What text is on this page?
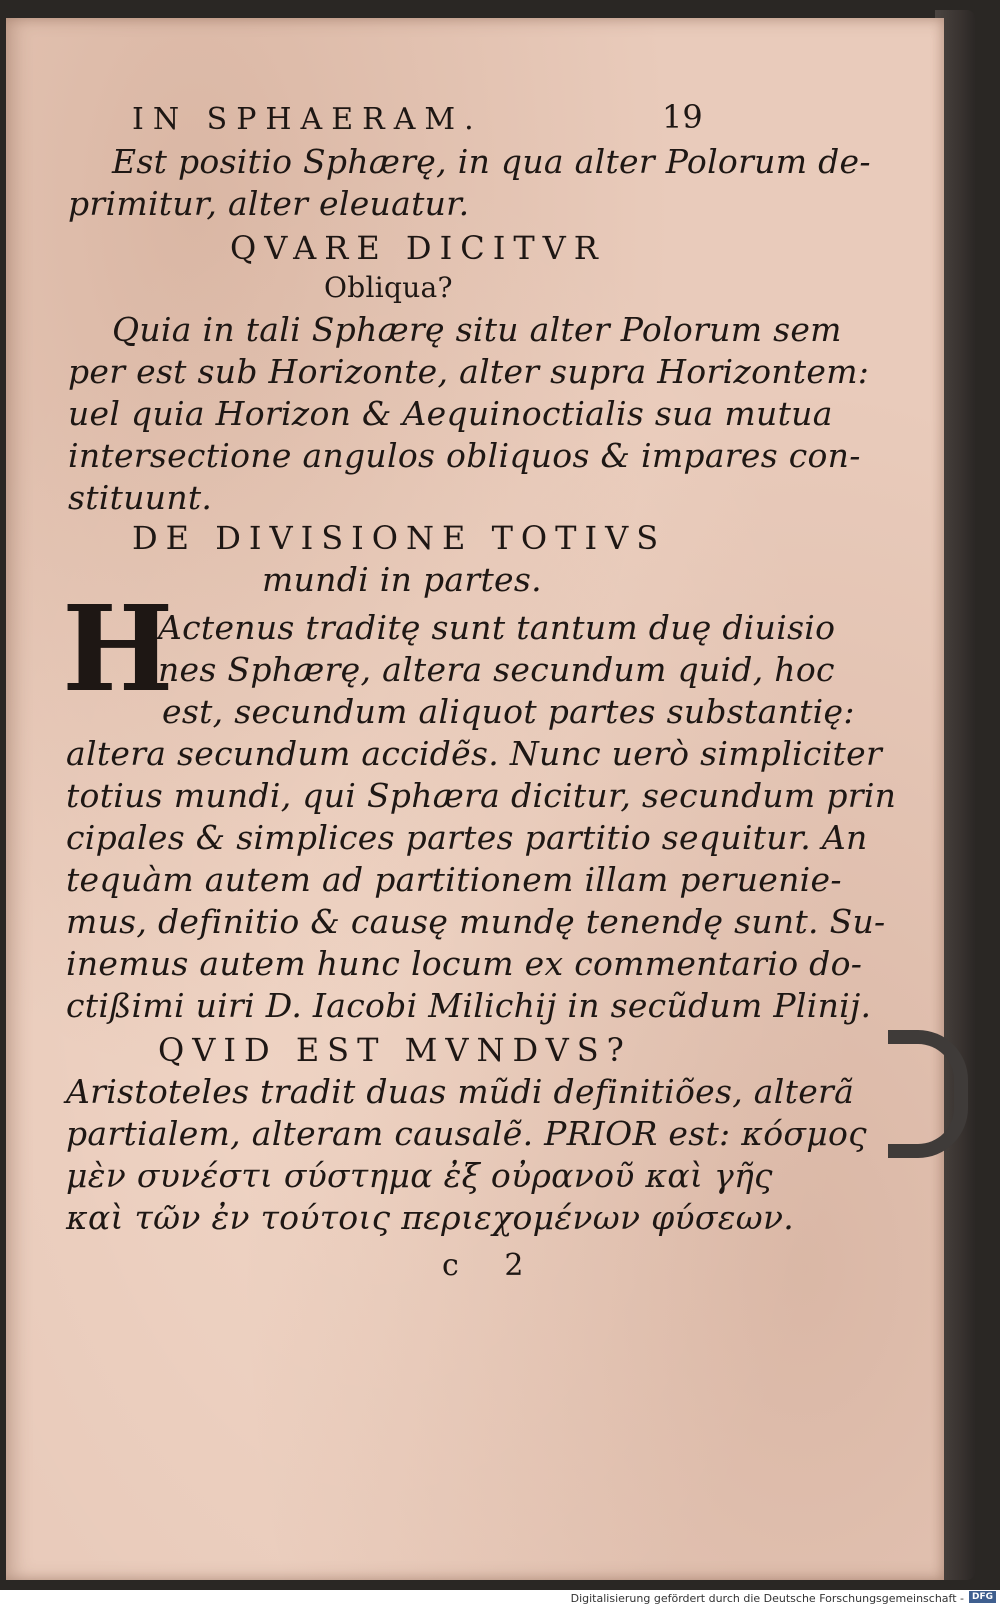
IN SPHAERAM.	19
H
Est positio Sphærę, in qua alter Polorum de-
primitur, alter eleuatur.
QVARE DICITVR
Obliqua?
Quia in tali Sphærę situ alter Polorum sem
per est sub Horizonte, alter supra Horizontem:
uel quia Horizon & Aequinoctialis sua mutua
intersectione angulos obliquos & impares con-
stituunt.
DE DIVISIONE TOTIVS
mundi in partes.
Actenus traditę sunt tantum duę diuisio
nes Sphærę, altera secundum quid, hoc
est, secundum aliquot partes substantię:
altera secundum accidẽs. Nunc uerò simpliciter
totius mundi, qui Sphæra dicitur, secundum prin
cipales & simplices partes partitio sequitur. An
tequàm autem ad partitionem illam peruenie-
mus, definitio & causę mundę tenendę sunt. Su-
inemus autem hunc locum ex commentario do-
ctißimi uiri D. Iacobi Milichij in secũdum Plinij.
QVID EST MVNDVS?
Aristoteles tradit duas mũdi definitiões, alterã
partialem, alteram causalẽ. PRIOR est: κόσμος
μὲν συνέστι σύστημα ἐξ οὐρανοῦ καὶ γῆς
καὶ τῶν ἐν τούτοις περιεχομένων φύσεων.
c 2
Digitalisierung gefördert durch die Deutsche Forschungsgemeinschaft - DFG
